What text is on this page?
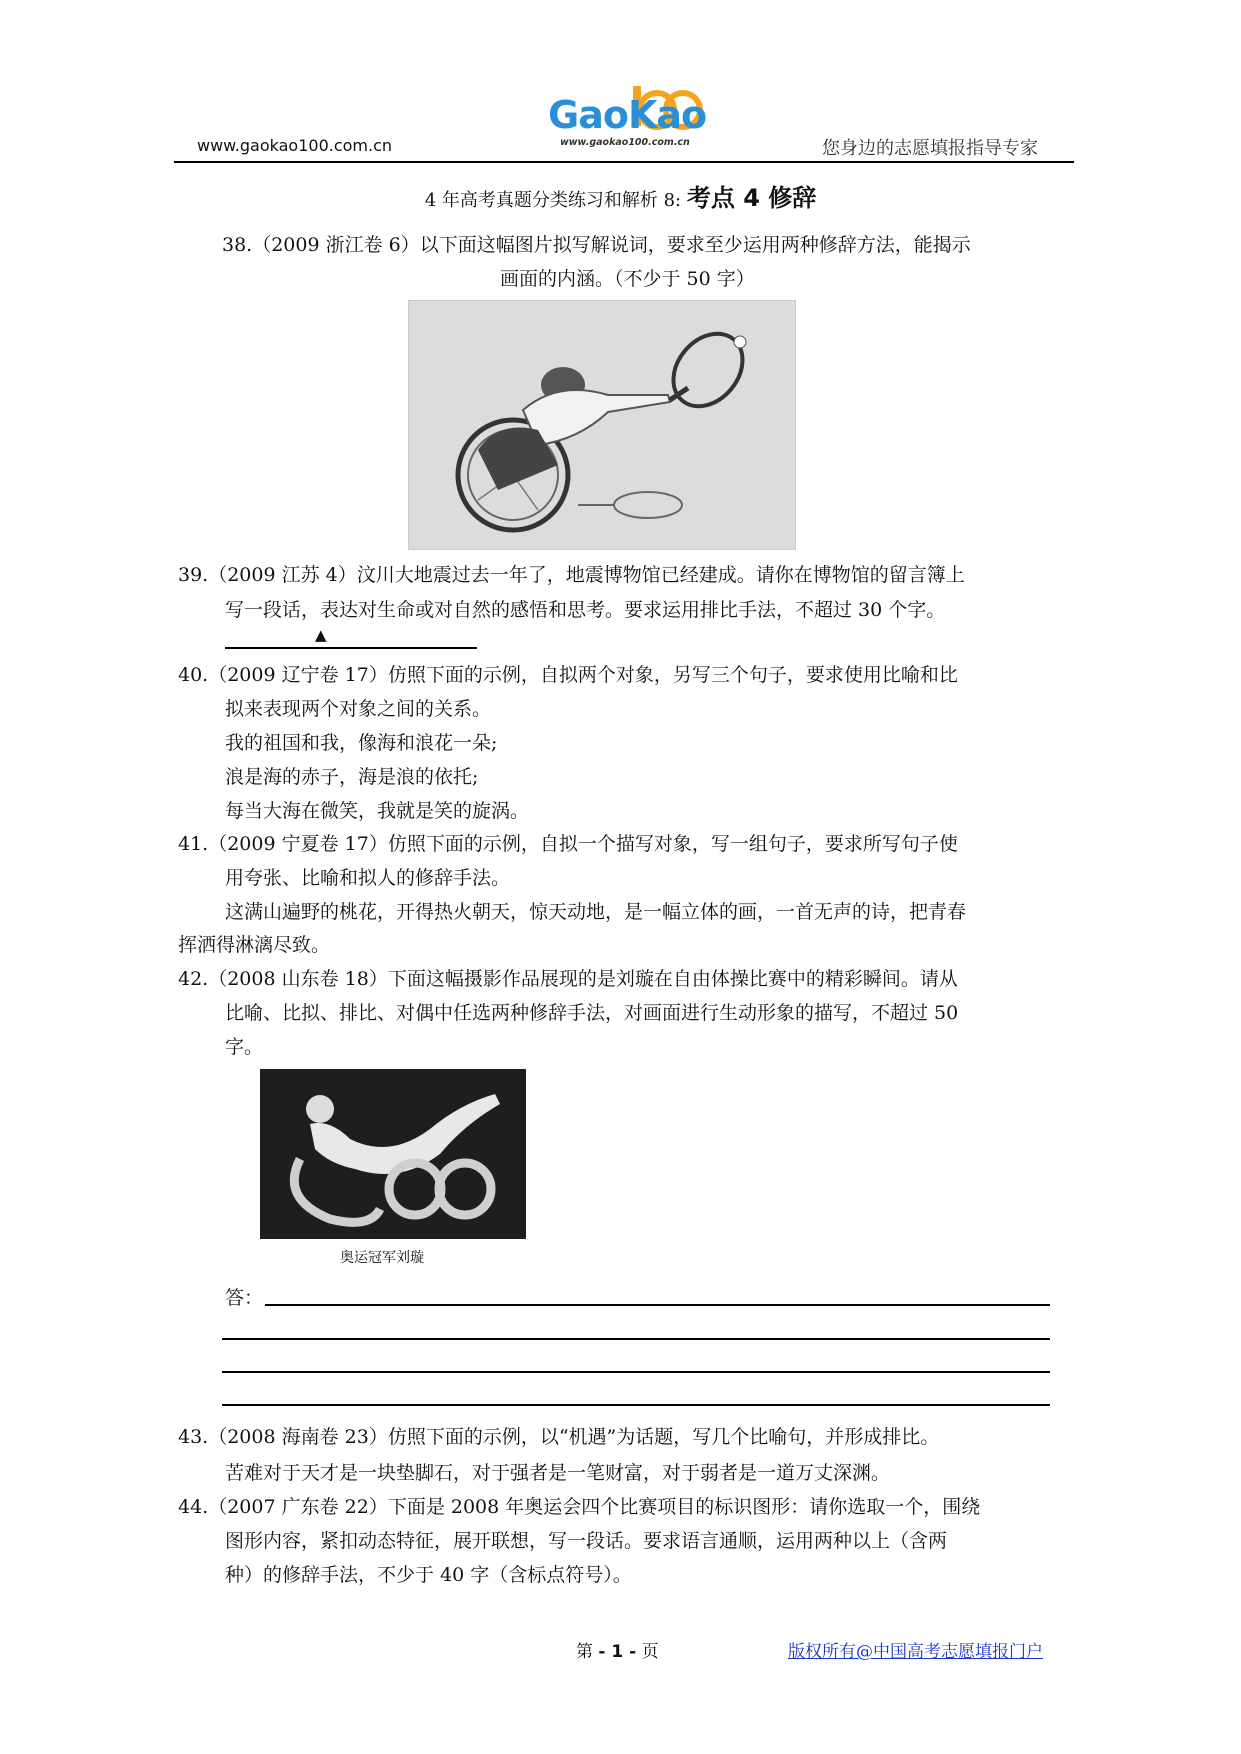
www.gaokao100.com.cn
GaoKao
www.gaokao100.com.cn	您身边的志愿填报指导专家
4 年高考真题分类练习和解析 8: 考点 4 修辞
38.（2009 浙江卷 6）以下面这幅图片拟写解说词，要求至少运用两种修辞方法，能揭示
画面的内涵。（不少于 50 字）
39.（2009 江苏 4）汶川大地震过去一年了，地震博物馆已经建成。请你在博物馆的留言簿上
写一段话，表达对生命或对自然的感悟和思考。要求运用排比手法，不超过 30 个字。
▲
40.（2009 辽宁卷 17）仿照下面的示例，自拟两个对象，另写三个句子，要求使用比喻和比
拟来表现两个对象之间的关系。
我的祖国和我，像海和浪花一朵;
浪是海的赤子，海是浪的依托;
每当大海在微笑，我就是笑的旋涡。
41.（2009 宁夏卷 17）仿照下面的示例，自拟一个描写对象，写一组句子，要求所写句子使
用夸张、比喻和拟人的修辞手法。
这满山遍野的桃花，开得热火朝天，惊天动地，是一幅立体的画，一首无声的诗，把青春
挥洒得淋漓尽致。
42.（2008 山东卷 18）下面这幅摄影作品展现的是刘璇在自由体操比赛中的精彩瞬间。请从
比喻、比拟、排比、对偶中任选两种修辞手法，对画面进行生动形象的描写，不超过 50
字。
奥运冠军刘璇
答：
43.（2008 海南卷 23）仿照下面的示例，以“机遇”为话题，写几个比喻句，并形成排比。
苦难对于天才是一块垫脚石，对于强者是一笔财富，对于弱者是一道万丈深渊。
44.（2007 广东卷 22）下面是 2008 年奥运会四个比赛项目的标识图形：请你选取一个，围绕
图形内容，紧扣动态特征，展开联想，写一段话。要求语言通顺，运用两种以上（含两
种）的修辞手法，不少于 40 字（含标点符号）。
第 - 1 - 页	版权所有@中国高考志愿填报门户
